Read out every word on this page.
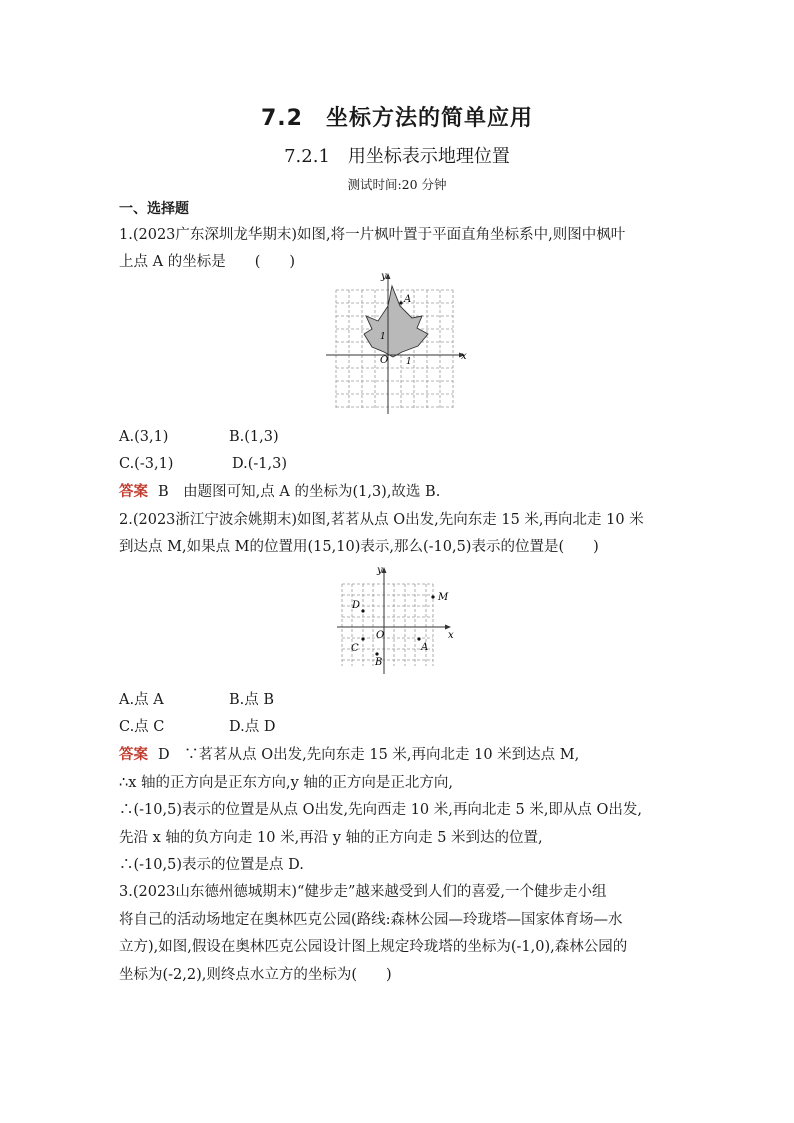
7.2　坐标方法的简单应用
7.2.1　用坐标表示地理位置
测试时间:20 分钟
一、选择题
1.(2023广东深圳龙华期末)如图,将一片枫叶置于平面直角坐标系中,则图中枫叶
上点 A 的坐标是　　(　　)
x
y
O 1
1
A
A.(3,1)	B.(1,3)
C.(-3,1)	D.(-1,3)
答案 B　由题图可知,点 A 的坐标为(1,3),故选 B.
2.(2023浙江宁波余姚期末)如图,茗茗从点 O出发,先向东走 15 米,再向北走 10 米
到达点 M,如果点 M的位置用(15,10)表示,那么(-10,5)表示的位置是(　　)
x
y
O
M
D
C
B
A
A.点 A	B.点 B
C.点 C	D.点 D
答案 D　∵茗茗从点 O出发,先向东走 15 米,再向北走 10 米到达点 M,
∴x 轴的正方向是正东方向,y 轴的正方向是正北方向,
∴(-10,5)表示的位置是从点 O出发,先向西走 10 米,再向北走 5 米,即从点 O出发,
先沿 x 轴的负方向走 10 米,再沿 y 轴的正方向走 5 米到达的位置,
∴(-10,5)表示的位置是点 D.
3.(2023山东德州德城期末)“健步走”越来越受到人们的喜爱,一个健步走小组
将自己的活动场地定在奥林匹克公园(路线:森林公园—玲珑塔—国家体育场—水
立方),如图,假设在奥林匹克公园设计图上规定玲珑塔的坐标为(-1,0),森林公园的
坐标为(-2,2),则终点水立方的坐标为(　　)
